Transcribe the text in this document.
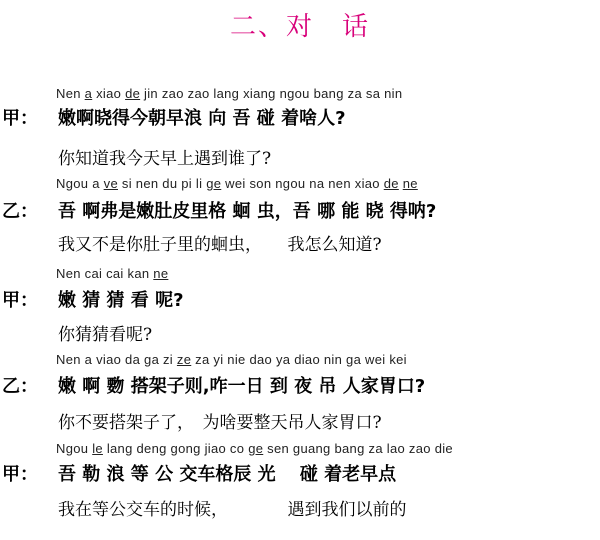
二、对　话
Nen a xiao de jin zao zao lang xiang ngou bang za sa nin
甲： 嫩啊晓得今朝早浪 向 吾 碰 着啥人?
你知道我今天早上遇到谁了?
Ngou a ve si nen du pi li ge wei son ngou na nen xiao de ne
乙： 吾 啊弗是嫩肚皮里格 蛔 虫，吾 哪 能 晓 得呐?
我又不是你肚子里的蛔虫，　　我怎么知道?
Nen cai cai kan ne
甲： 嫩 猜 猜 看 呢?
你猜猜看呢?
Nen a viao da ga zi ze za yi nie dao ya diao nin ga wei kei
乙： 嫩 啊 覅 搭架子则,咋一日 到 夜 吊 人家胃口?
你不要搭架子了，　为啥要整天吊人家胃口?
Ngou le lang deng gong jiao co ge sen guang bang za lao zao die
甲： 吾 勒 浪 等 公 交车格辰 光　 碰 着老早点
我在等公交车的时候，　　　　遇到我们以前的
